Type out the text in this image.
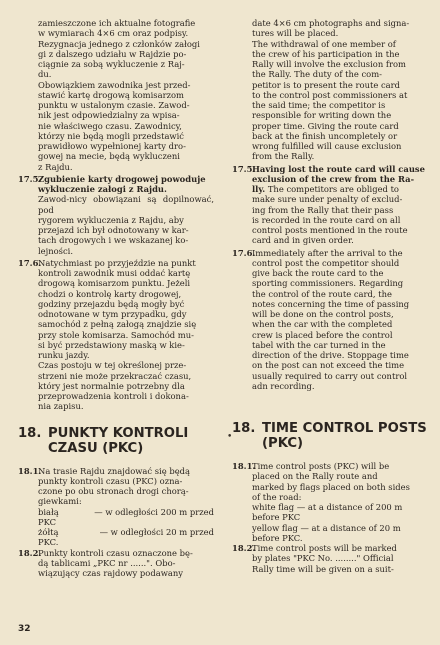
zamieszczone ich aktualne fotografie

w wymiarach 4×6 cm oraz podpisy.

Rezygnacja jednego z członków załogi

gi z dalszego udziału w Rajdzie po-

ciągnie za sobą wykluczenie z Raj-

du.

Obowiązkiem zawodnika jest przed-

stawić kartę drogową komisarzom

punktu w ustalonym czasie. Zawod-

nik jest odpowiedzialny za wpisa-

nie właściwego czasu. Zawodnicy,

którzy nie będą mogli przedstawić

prawidłowo wypełnionej karty dro-

gowej na mecie, będą wykluczeni

z Rajdu.

17.5.

Zgubienie karty drogowej powoduje

wykluczenie załogi z Rajdu.

Zawod-nicy obowiązani są dopilnować, pod

rygorem wykluczenia z Rajdu, aby

przejazd ich był odnotowany w kar-

tach drogowych i we wskazanej ko-

lejności.

17.6.

Natychmiast po przyjeździe na punkt

kontroli zawodnik musi oddać kartę

drogową komisarzom punktu. Jeżeli

chodzi o kontrolę karty drogowej,

godziny przejazdu będą mogły być

odnotowane w tym przypadku, gdy

samochód z pełną załogą znajdzie się

przy stole komisarza. Samochód mu-

si być przedstawiony maską w kie-

runku jazdy.

Czas postoju w tej określonej prze-

strzeni nie może przekraczać czasu,

który jest normalnie potrzebny dla

przeprowadzenia kontroli i dokona-

nia zapisu.

18. PUNKTY KONTROLI
CZASU (PKC)
18.1.

Na trasie Rajdu znajdować się będą

punkty kontroli czasu (PKC) ozna-

czone po obu stronach drogi chorą-

giewkami:

białą	— w odległości 200 m przed

PKC

żółtą	— w odległości 20 m przed

PKC.

18.2.

Punkty kontroli czasu oznaczone bę-

dą tablicami „PKC nr ......". Obo-

wiązujący czas rajdowy podawany

date 4×6 cm photographs and signa-

tures will be placed.

The withdrawal of one member of

the crew of his participation in the

Rally will involve the exclusion from

the Rally. The duty of the com-

petitor is to present the route card

to the control post commissioners at

the said time; the competitor is

responsible for writing down the

proper time. Giving the route card

back at the finish uncompletely or

wrong fulfilled will cause exclusion

from the Rally.

17.5.

Having lost the route card will cause

exclusion of the crew from the Ra-

lly. The competitors are obliged to

make sure under penalty of exclud-

ing from the Rally that their pass

is recorded in the route card on all

control posts mentioned in the route

card and in given order.

17.6.

Immediately after the arrival to the

control post the competitor should

give back the route card to the

sporting commissioners. Regarding

the control of the route card, the

notes concerning the time of passing

will be done on the control posts,

when the car with the completed

crew is placed before the control

tabel with the car turned in the

direction of the drive. Stoppage time

on the post can not exceed the time

usually required to carry out control

adn recording.

18. TIME CONTROL POSTS
(PKC)
18.1.

Time control posts (PKC) will be

placed on the Rally route and

marked by flags placed on both sides

of the road:

white flag — at a distance of 200 m

before PKC

yellow flag — at a distance of 20 m

before PKC.

18.2.

Time control posts will be marked

by plates "PKC No. ........" Official

Rally time will be given on a suit-

•
32
